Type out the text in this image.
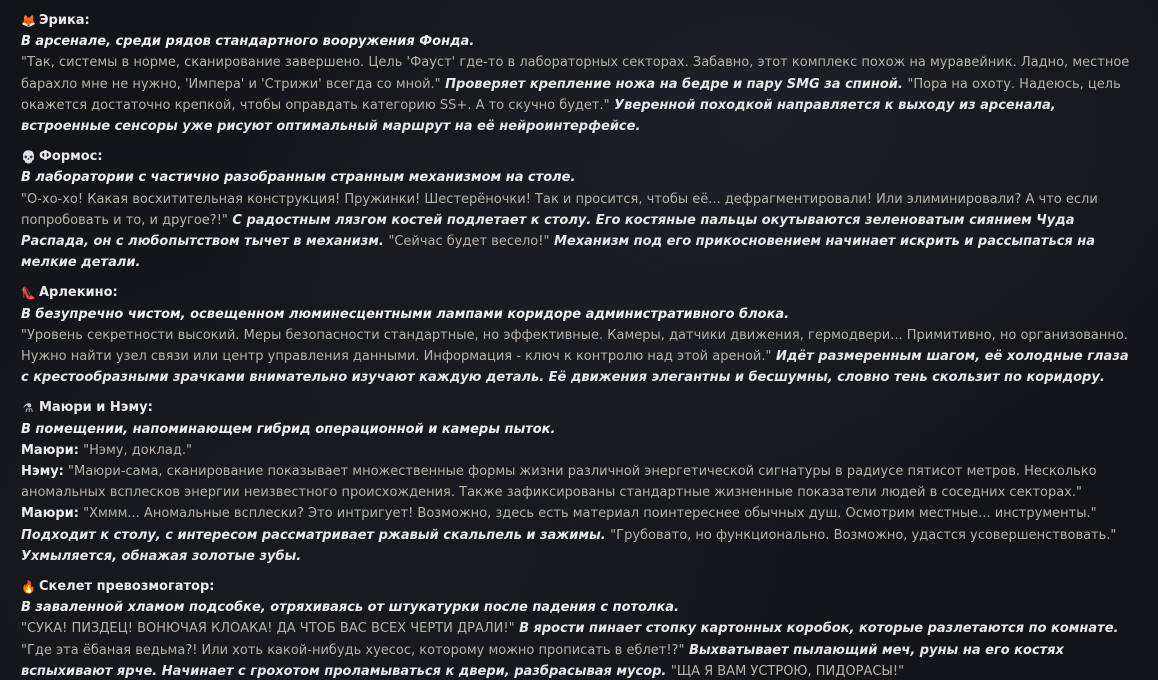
🦊 Эрика:

В арсенале, среди рядов стандартного вооружения Фонда.

"Так, системы в норме, сканирование завершено. Цель 'Фауст' где-то в лабораторных секторах. Забавно, этот комплекс похож на муравейник. Ладно, местное барахло мне не нужно, 'Импера' и 'Стрижи' всегда со мной." Проверяет крепление ножа на бедре и пару SMG за спиной. "Пора на охоту. Надеюсь, цель окажется достаточно крепкой, чтобы оправдать категорию SS+. А то скучно будет." Уверенной походкой направляется к выходу из арсенала, встроенные сенсоры уже рисуют оптимальный маршрут на её нейроинтерфейсе.

💀 Формос:

В лаборатории с частично разобранным странным механизмом на столе.

"О-хо-хо! Какая восхитительная конструкция! Пружинки! Шестерёночки! Так и просится, чтобы её... дефрагментировали! Или элиминировали? А что если попробовать и то, и другое?!" С радостным лязгом костей подлетает к столу. Его костяные пальцы окутываются зеленоватым сиянием Чуда Распада, он с любопытством тычет в механизм. "Сейчас будет весело!" Механизм под его прикосновением начинает искрить и рассыпаться на мелкие детали.

👠 Арлекино:

В безупречно чистом, освещенном люминесцентными лампами коридоре административного блока.

"Уровень секретности высокий. Меры безопасности стандартные, но эффективные. Камеры, датчики движения, гермодвери... Примитивно, но организованно. Нужно найти узел связи или центр управления данными. Информация - ключ к контролю над этой ареной." Идёт размеренным шагом, её холодные глаза с крестообразными зрачками внимательно изучают каждую деталь. Её движения элегантны и бесшумны, словно тень скользит по коридору.

⚗ Маюри и Нэму:

В помещении, напоминающем гибрид операционной и камеры пыток.

Маюри: "Нэму, доклад."

Нэму: "Маюри-сама, сканирование показывает множественные формы жизни различной энергетической сигнатуры в радиусе пятисот метров. Несколько аномальных всплесков энергии неизвестного происхождения. Также зафиксированы стандартные жизненные показатели людей в соседних секторах."

Маюри: "Хммм... Аномальные всплески? Это интригует! Возможно, здесь есть материал поинтереснее обычных душ. Осмотрим местные... инструменты." Подходит к столу, с интересом рассматривает ржавый скальпель и зажимы. "Грубовато, но функционально. Возможно, удастся усовершенствовать." Ухмыляется, обнажая золотые зубы.

🔥 Скелет превозмогатор:

В заваленной хламом подсобке, отряхиваясь от штукатурки после падения с потолка.

"СУКА! ПИЗДЕЦ! ВОНЮЧАЯ КЛОАКА! ДА ЧТОБ ВАС ВСЕХ ЧЕРТИ ДРАЛИ!" В ярости пинает стопку картонных коробок, которые разлетаются по комнате. "Где эта ёбаная ведьма?! Или хоть какой-нибудь хуесос, которому можно прописать в еблет!?" Выхватывает пылающий меч, руны на его костях вспыхивают ярче. Начинает с грохотом проламываться к двери, разбрасывая мусор. "ЩА Я ВАМ УСТРОЮ, ПИДОРАСЫ!"
